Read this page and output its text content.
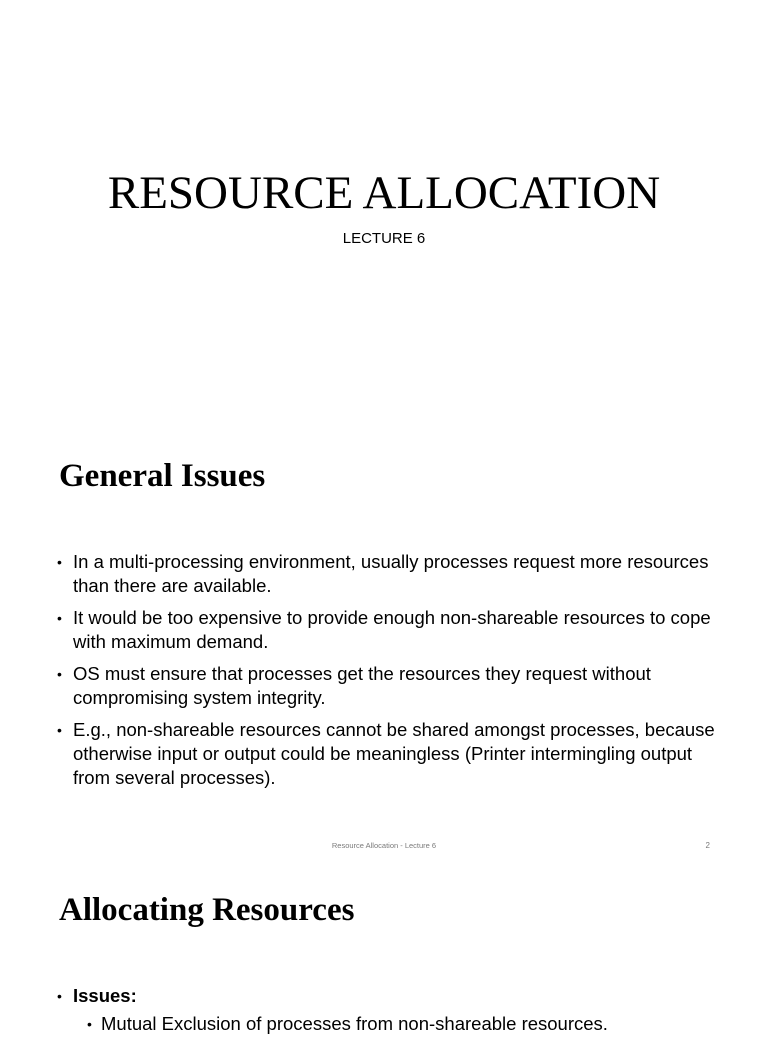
RESOURCE ALLOCATION

LECTURE 6

General Issues
• In a multi-processing environment, usually processes request more resources than there are available.
• It would be too expensive to provide enough non-shareable resources to cope with maximum demand.
• OS must ensure that processes get the resources they request without compromising system integrity.
• E.g., non-shareable resources cannot be shared amongst processes, because otherwise input or output could be meaningless (Printer intermingling output from several processes).
Resource Allocation - Lecture 6	2
Allocating Resources
• Issues:
• Mutual Exclusion of processes from non-shareable resources.
